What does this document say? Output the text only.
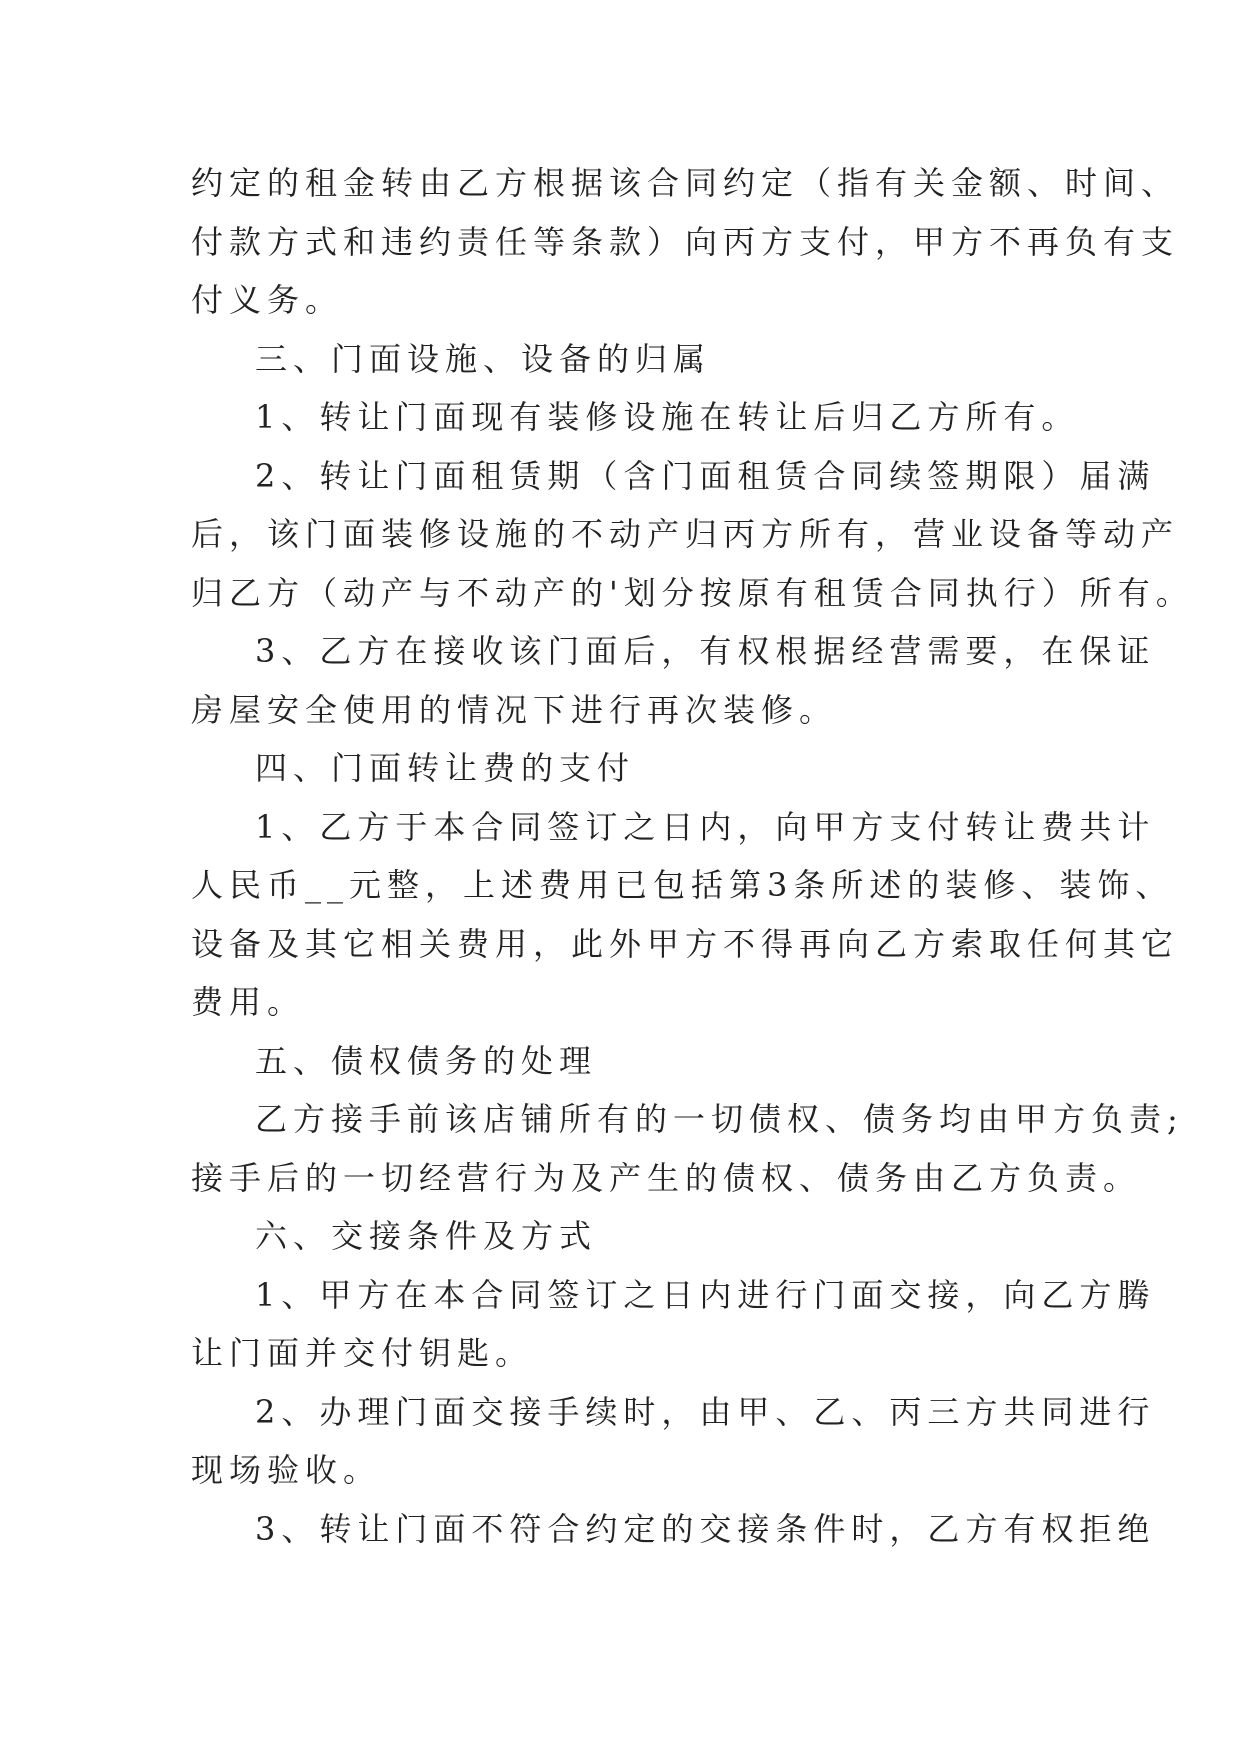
约定的租金转由乙方根据该合同约定（指有关金额、时间、
付款方式和违约责任等条款）向丙方支付，甲方不再负有支
付义务。
三、门面设施、设备的归属
1、转让门面现有装修设施在转让后归乙方所有。
2、转让门面租赁期（含门面租赁合同续签期限）届满
后，该门面装修设施的不动产归丙方所有，营业设备等动产
归乙方（动产与不动产的'划分按原有租赁合同执行）所有。
3、乙方在接收该门面后，有权根据经营需要，在保证
房屋安全使用的情况下进行再次装修。
四、门面转让费的支付
1、乙方于本合同签订之日内，向甲方支付转让费共计
人民币__元整，上述费用已包括第3条所述的装修、装饰、
设备及其它相关费用，此外甲方不得再向乙方索取任何其它
费用。
五、债权债务的处理
乙方接手前该店铺所有的一切债权、债务均由甲方负责;
接手后的一切经营行为及产生的债权、债务由乙方负责。
六、交接条件及方式
1、甲方在本合同签订之日内进行门面交接，向乙方腾
让门面并交付钥匙。
2、办理门面交接手续时，由甲、乙、丙三方共同进行
现场验收。
3、转让门面不符合约定的交接条件时，乙方有权拒绝
